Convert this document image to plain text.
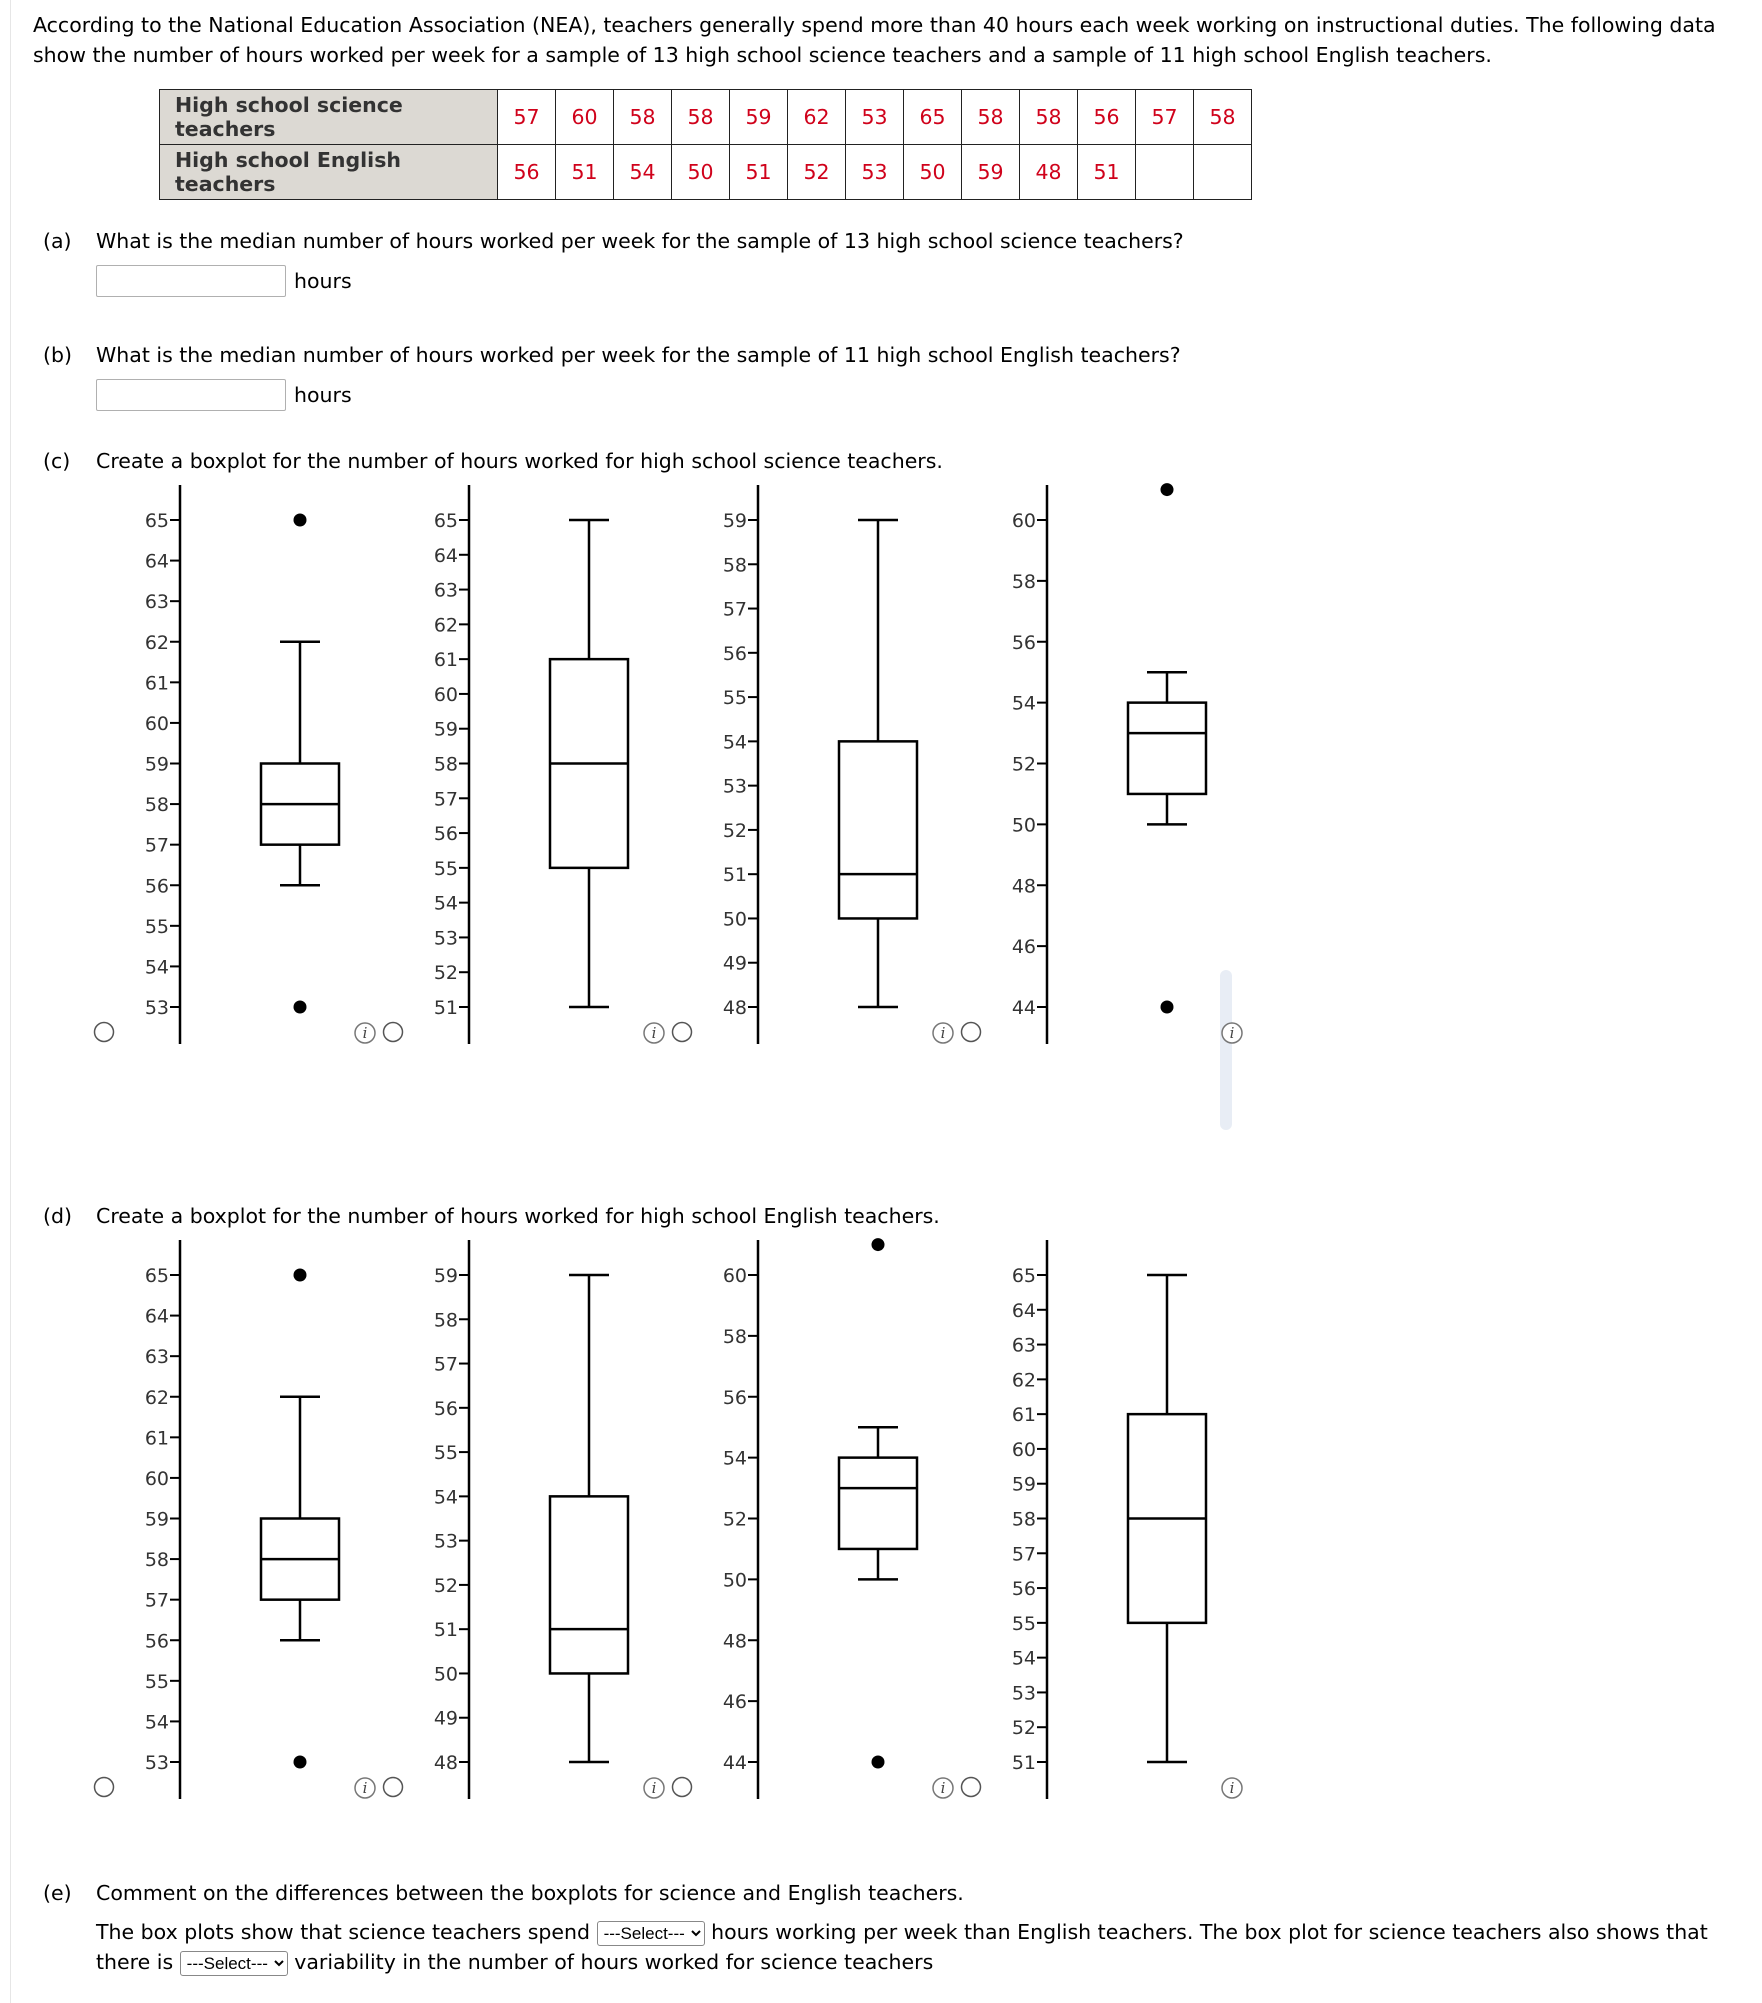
According to the National Education Association (NEA), teachers generally spend more than 40 hours each week working on instructional duties. The following data show the number of hours worked per week for a sample of 13 high school science teachers and a sample of 11 high school English teachers.
High school science teachers	57	60	58	58	59	62	53	65	58	58	56	57	58
High school English teachers	56	51	54	50	51	52	53	50	59	48	51		
(a) What is the median number of hours worked per week for the sample of 13 high school science teachers?
hours
(b) What is the median number of hours worked per week for the sample of 11 high school English teachers?
hours
(c) Create a boxplot for the number of hours worked for high school science teachers.
(d) Create a boxplot for the number of hours worked for high school English teachers.
53
54
55
56
57
58
59
60
61
62
63
64
65
i
51
52
53
54
55
56
57
58
59
60
61
62
63
64
65
i
48
49
50
51
52
53
54
55
56
57
58
59
i
44
46
48
50
52
54
56
58
60
i
53
54
55
56
57
58
59
60
61
62
63
64
65
i
48
49
50
51
52
53
54
55
56
57
58
59
i
44
46
48
50
52
54
56
58
60
i
51
52
53
54
55
56
57
58
59
60
61
62
63
64
65
i
(e) Comment on the differences between the boxplots for science and English teachers.
The box plots show that science teachers spend
---Select---	hours working per week than English teachers. The box plot for science teachers also shows that there is
---Select---	variability in the number of hours worked for science teachers
